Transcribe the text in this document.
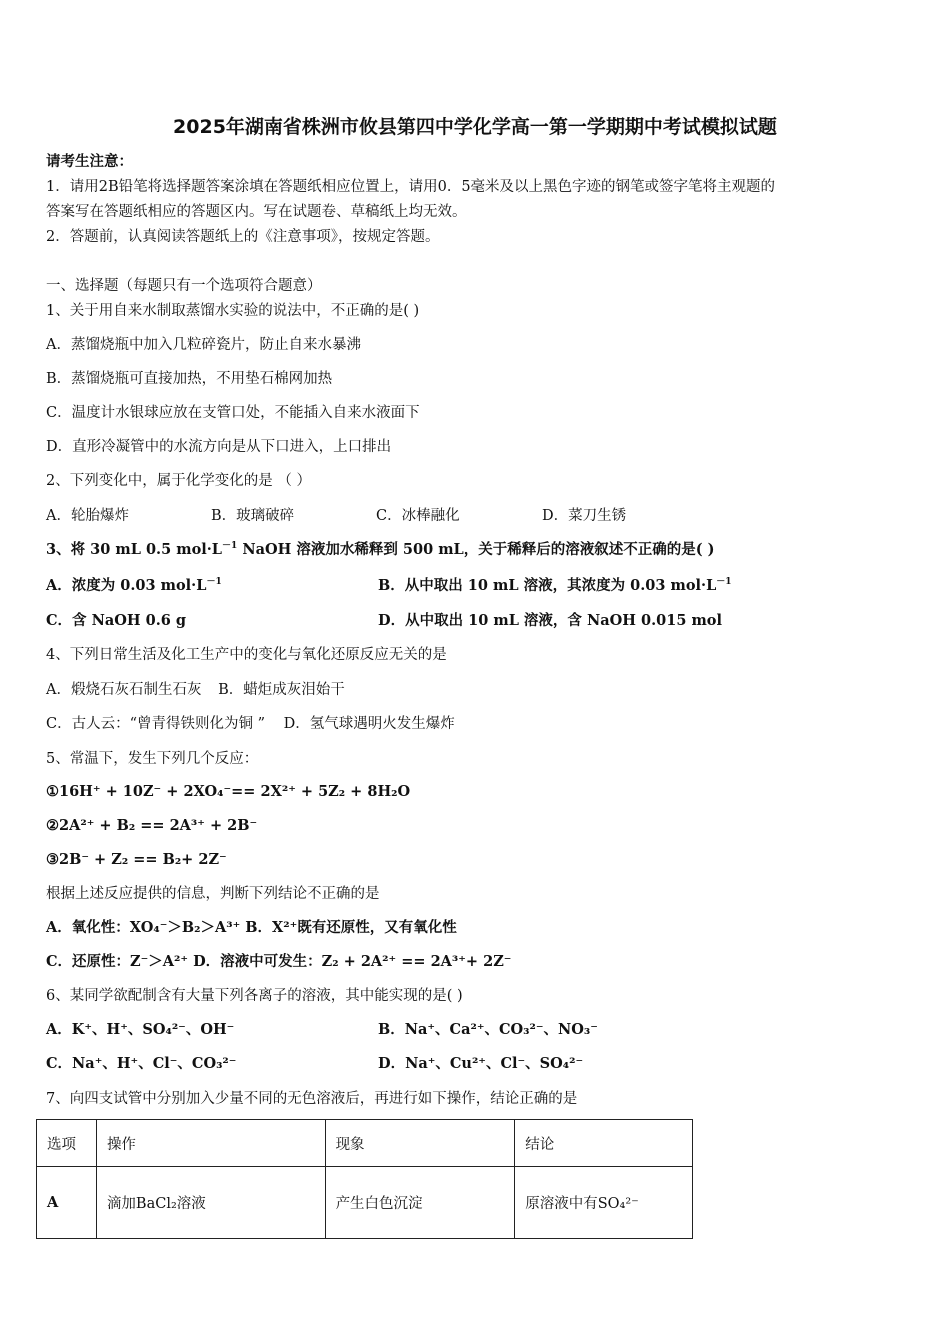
2025年湖南省株洲市攸县第四中学化学高一第一学期期中考试模拟试题
请考生注意：
1．请用2B铅笔将选择题答案涂填在答题纸相应位置上，请用0．5毫米及以上黑色字迹的钢笔或签字笔将主观题的
答案写在答题纸相应的答题区内。写在试题卷、草稿纸上均无效。
2．答题前，认真阅读答题纸上的《注意事项》，按规定答题。
一、选择题（每题只有一个选项符合题意）
1、关于用自来水制取蒸馏水实验的说法中，不正确的是( )
A．蒸馏烧瓶中加入几粒碎瓷片，防止自来水暴沸
B．蒸馏烧瓶可直接加热，不用垫石棉网加热
C．温度计水银球应放在支管口处，不能插入自来水液面下
D．直形冷凝管中的水流方向是从下口进入，上口排出
2、下列变化中，属于化学变化的是 （ ）
A．轮胎爆炸	B．玻璃破碎	C．冰棒融化	D．菜刀生锈
3、将 30 mL 0.5 $mol\cdot L^{-1}$ NaOH 溶液加水稀释到 500 mL，关于稀释后的溶液叙述不正确的是( )
A．浓度为 0.03 $mol\cdot L^{-1}$	B．从中取出 10 mL 溶液，其浓度为 0.03 $mol\cdot L^{-1}$
C．含 NaOH 0.6 g	D．从中取出 10 mL 溶液，含 NaOH 0.015 mol
4、下列日常生活及化工生产中的变化与氧化还原反应无关的是
A．煅烧石灰石制生石灰 B．蜡炬成灰泪始干
C．古人云：“曾青得铁则化为铜 ” D．氢气球遇明火发生爆炸
5、常温下，发生下列几个反应：
①16H⁺ + 10Z⁻ + 2XO₄⁻== 2X²⁺ + 5Z₂ + 8H₂O
②2A²⁺ + B₂ == 2A³⁺ + 2B⁻
③2B⁻ + Z₂ == B₂+ 2Z⁻
根据上述反应提供的信息，判断下列结论不正确的是
A．氧化性：XO₄⁻＞B₂＞A³⁺ B．X²⁺既有还原性，又有氧化性
C．还原性：Z⁻＞A²⁺ D．溶液中可发生：Z₂ + 2A²⁺ == 2A³⁺+ 2Z⁻
6、某同学欲配制含有大量下列各离子的溶液，其中能实现的是( )
A．K⁺、H⁺、SO₄²⁻、OH⁻	B．Na⁺、Ca²⁺、CO₃²⁻、NO₃⁻
C．Na⁺、H⁺、Cl⁻、CO₃²⁻	D．Na⁺、Cu²⁺、Cl⁻、SO₄²⁻
7、向四支试管中分别加入少量不同的无色溶液后，再进行如下操作，结论正确的是
选项	操作	现象	结论
A	滴加BaCl₂溶液	产生白色沉淀	原溶液中有SO₄²⁻
